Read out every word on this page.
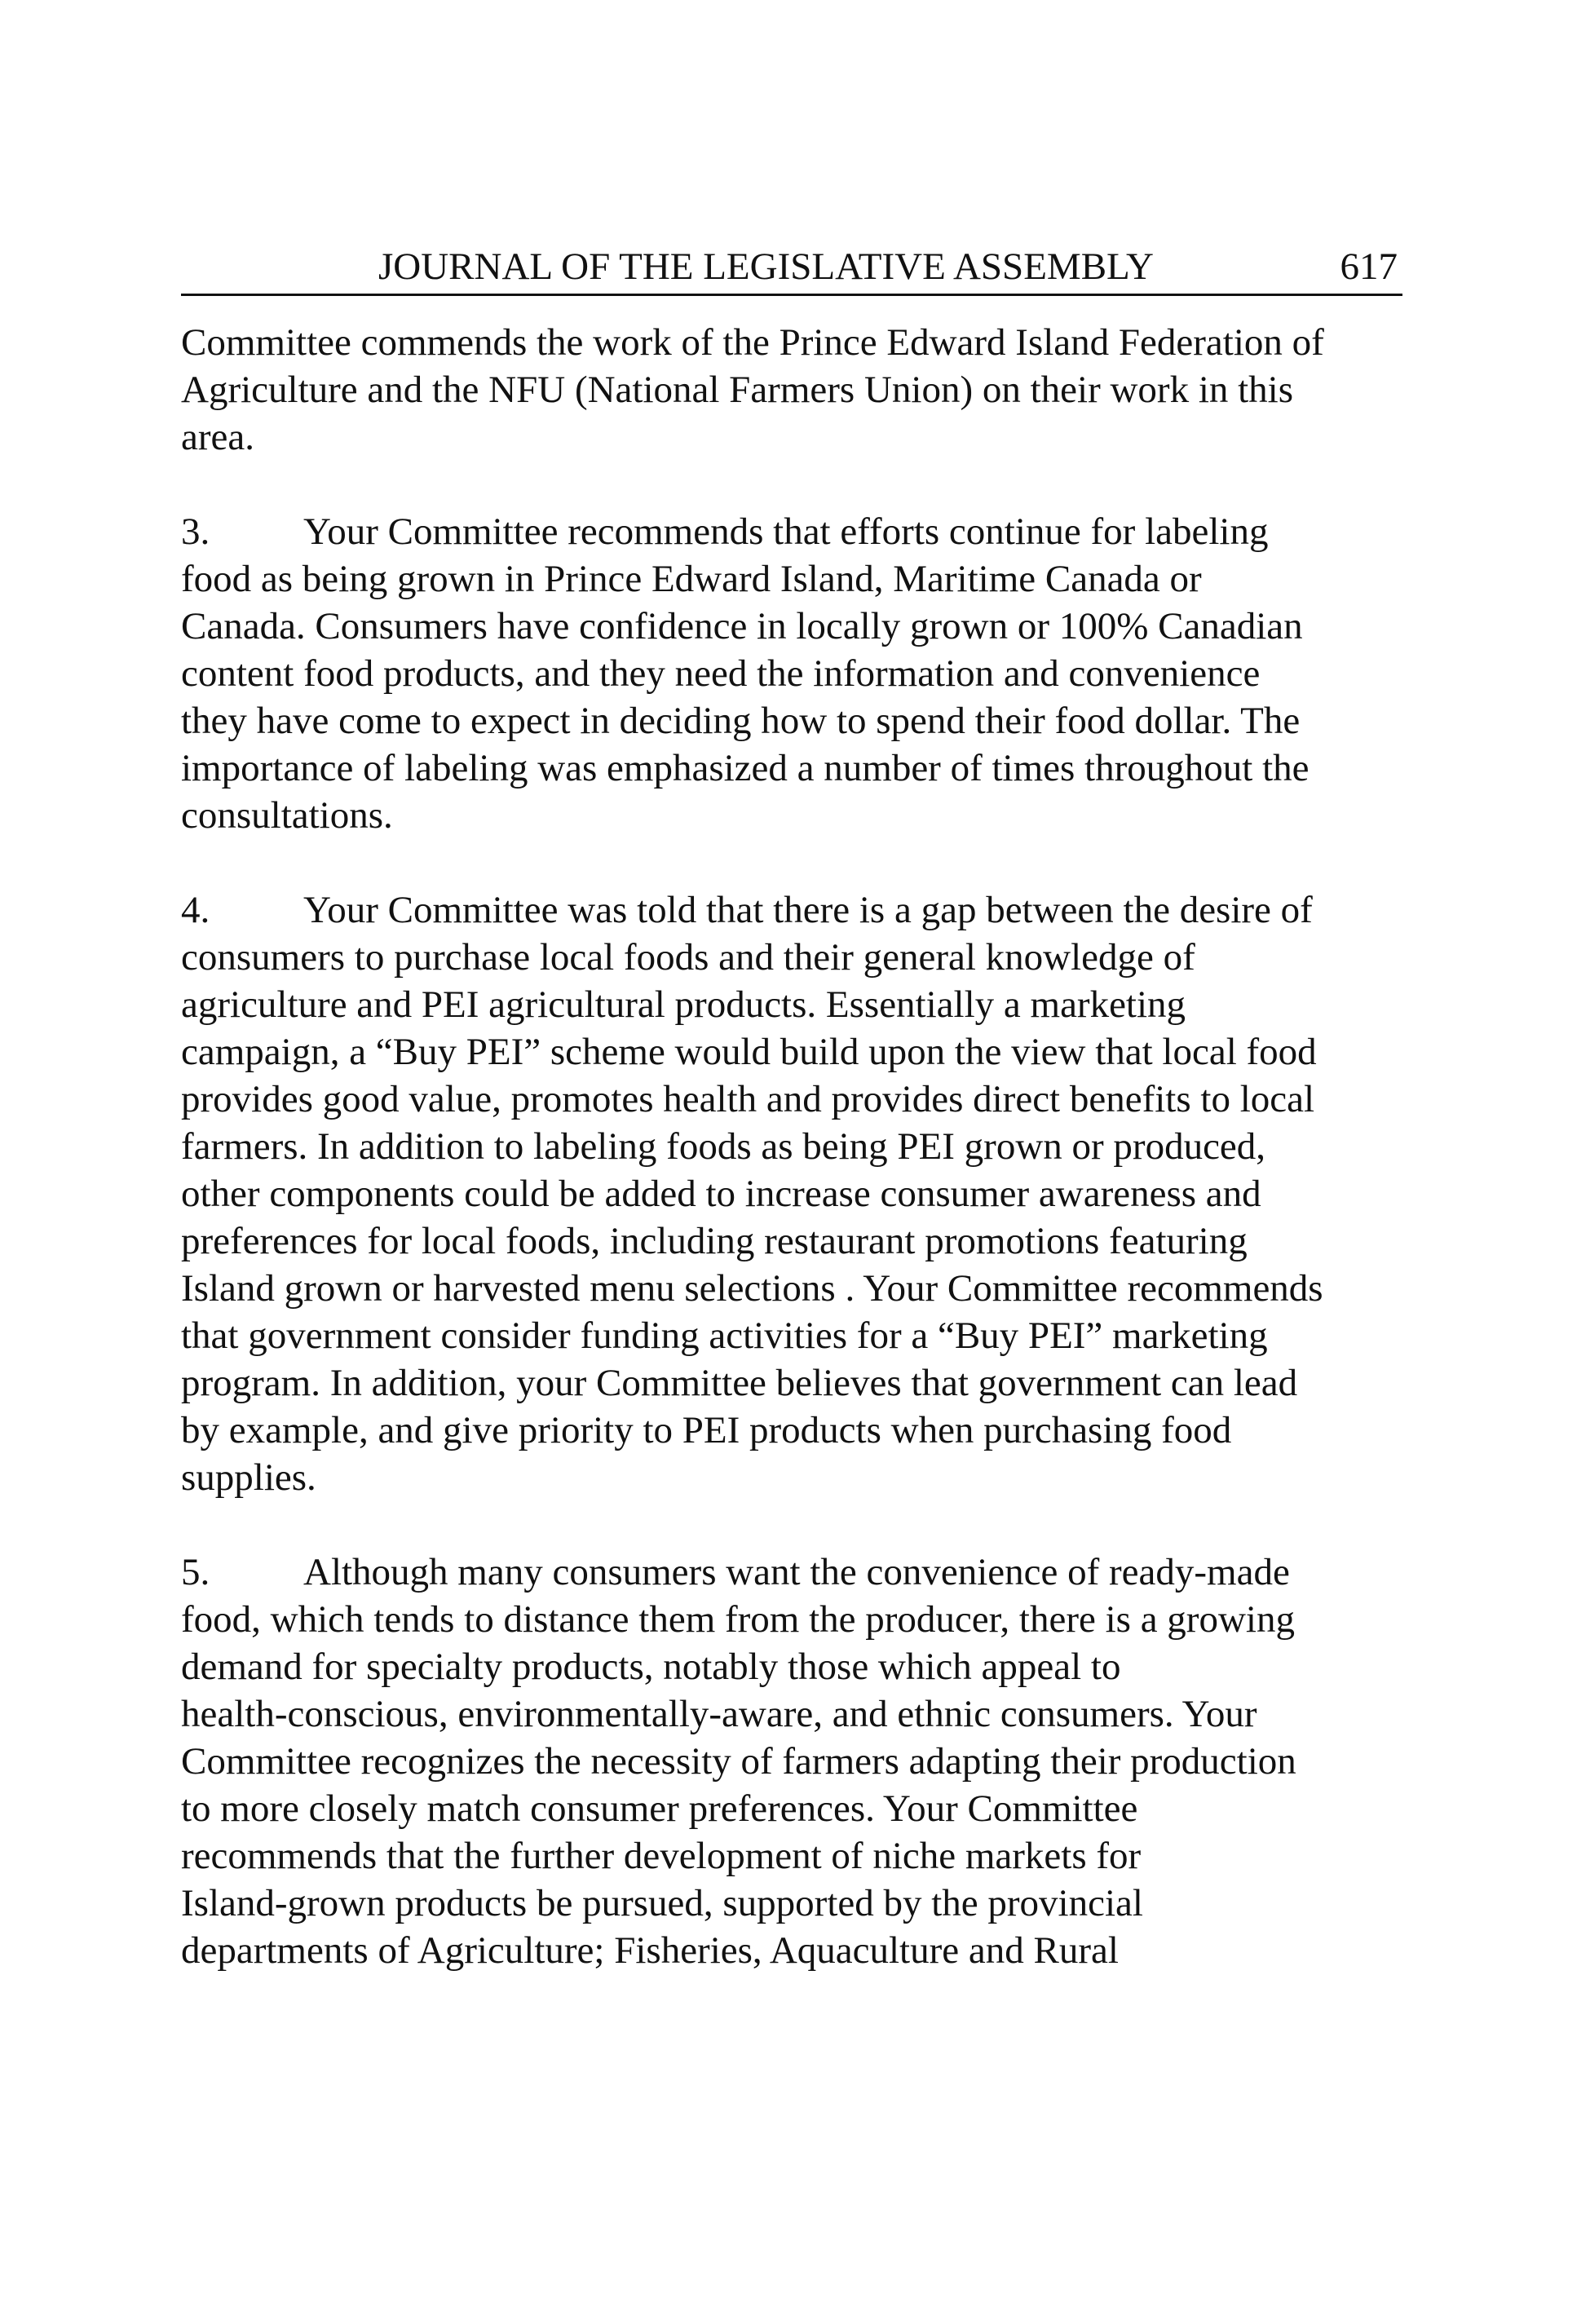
JOURNAL OF THE LEGISLATIVE ASSEMBLY	617
Committee commends the work of the Prince Edward Island Federation of
Agriculture and the NFU (National Farmers Union) on their work in this
area.
3. Your Committee recommends that efforts continue for labeling
food as being grown in Prince Edward Island, Maritime Canada or
Canada. Consumers have confidence in locally grown or 100% Canadian
content food products, and they need the information and convenience
they have come to expect in deciding how to spend their food dollar. The
importance of labeling was emphasized a number of times throughout the
consultations.
4. Your Committee was told that there is a gap between the desire of
consumers to purchase local foods and their general knowledge of
agriculture and PEI agricultural products. Essentially a marketing
campaign, a “Buy PEI” scheme would build upon the view that local food
provides good value, promotes health and provides direct benefits to local
farmers. In addition to labeling foods as being PEI grown or produced,
other components could be added to increase consumer awareness and
preferences for local foods, including restaurant promotions featuring
Island grown or harvested menu selections . Your Committee recommends
that government consider funding activities for a “Buy PEI” marketing
program. In addition, your Committee believes that government can lead
by example, and give priority to PEI products when purchasing food
supplies.
5. Although many consumers want the convenience of ready-made
food, which tends to distance them from the producer, there is a growing
demand for specialty products, notably those which appeal to
health-conscious, environmentally-aware, and ethnic consumers. Your
Committee recognizes the necessity of farmers adapting their production
to more closely match consumer preferences. Your Committee
recommends that the further development of niche markets for
Island-grown products be pursued, supported by the provincial
departments of Agriculture; Fisheries, Aquaculture and Rural
